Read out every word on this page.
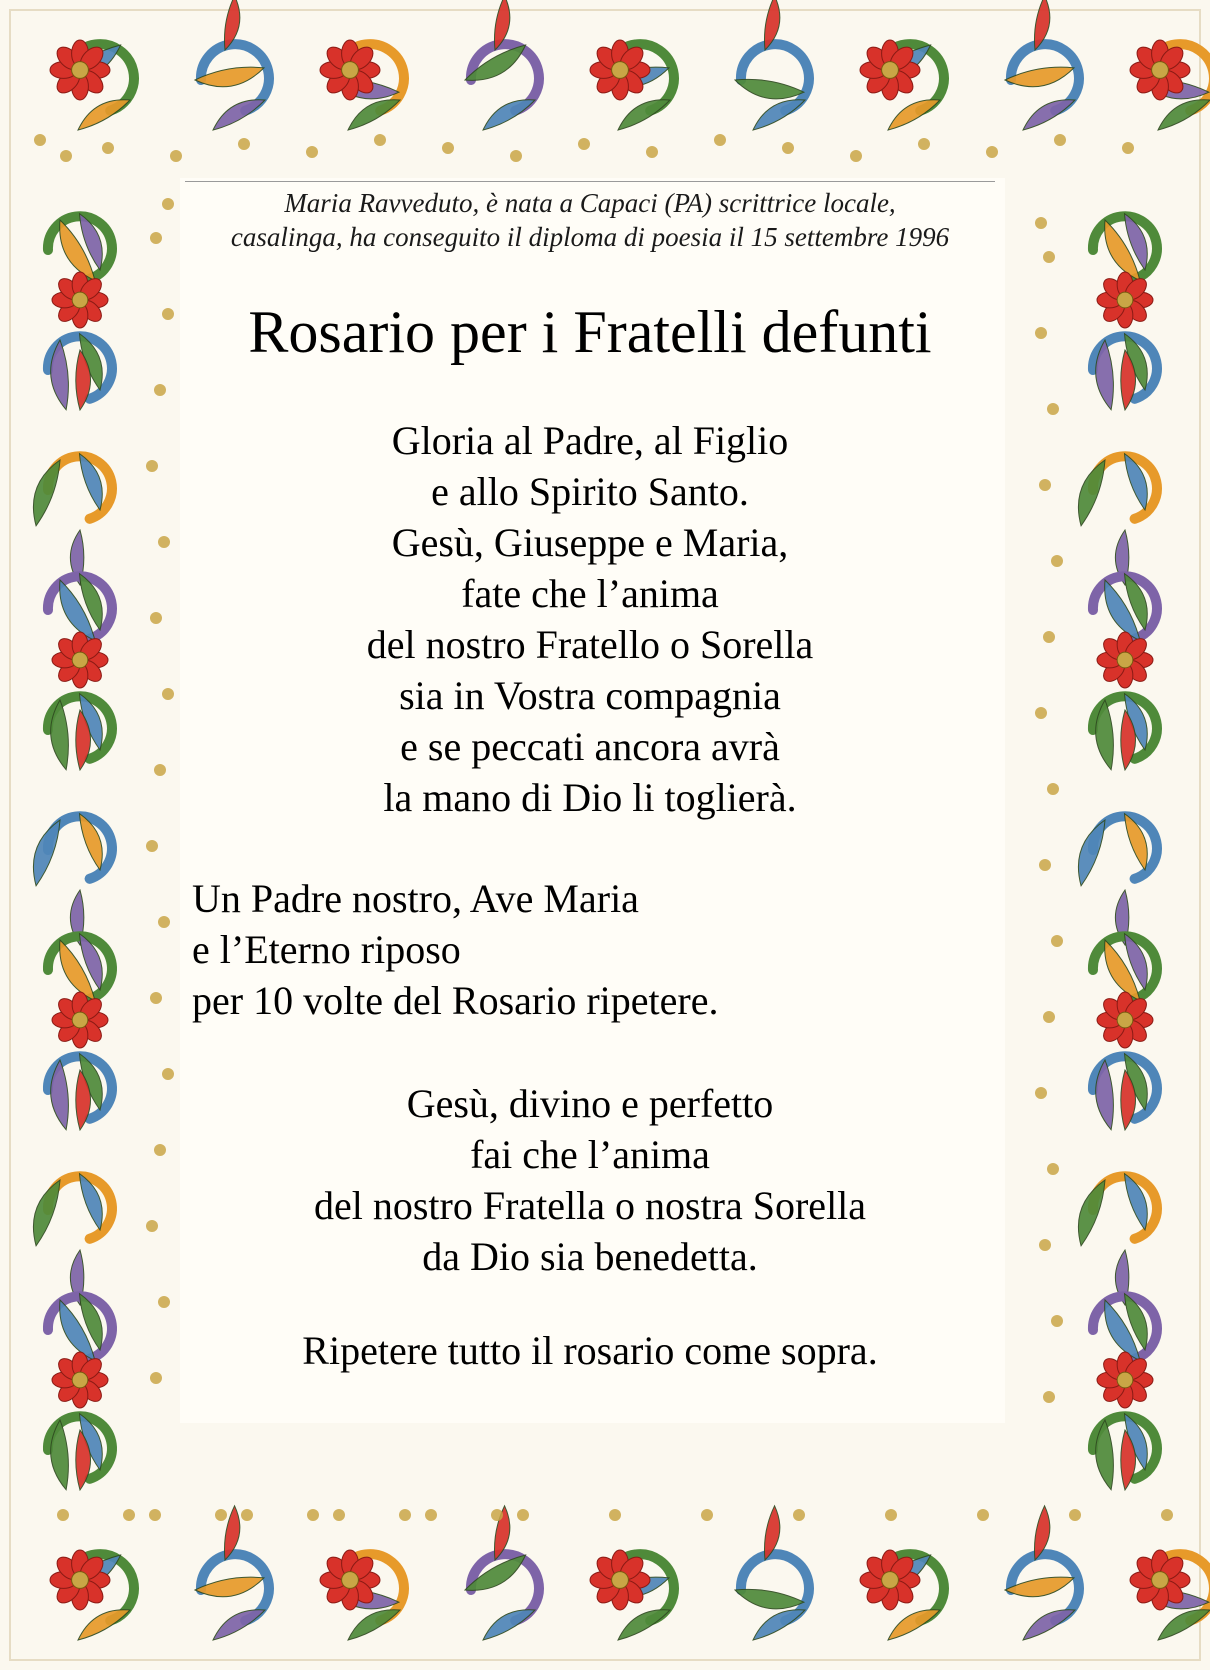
Maria Ravveduto, è nata a Capaci (PA) scrittrice locale,
casalinga, ha conseguito il diploma di poesia il 15 settembre 1996
Rosario per i Fratelli defunti
Gloria al Padre, al Figlio
e allo Spirito Santo.
Gesù, Giuseppe e Maria,
fate che l’anima
del nostro Fratello o Sorella
sia in Vostra compagnia
e se peccati ancora avrà
la mano di Dio li toglierà.
Un Padre nostro, Ave Maria
e l’Eterno riposo
per 10 volte del Rosario ripetere.
Gesù, divino e perfetto
fai che l’anima
del nostro Fratella o nostra Sorella
da Dio sia benedetta.
Ripetere tutto il rosario come sopra.
